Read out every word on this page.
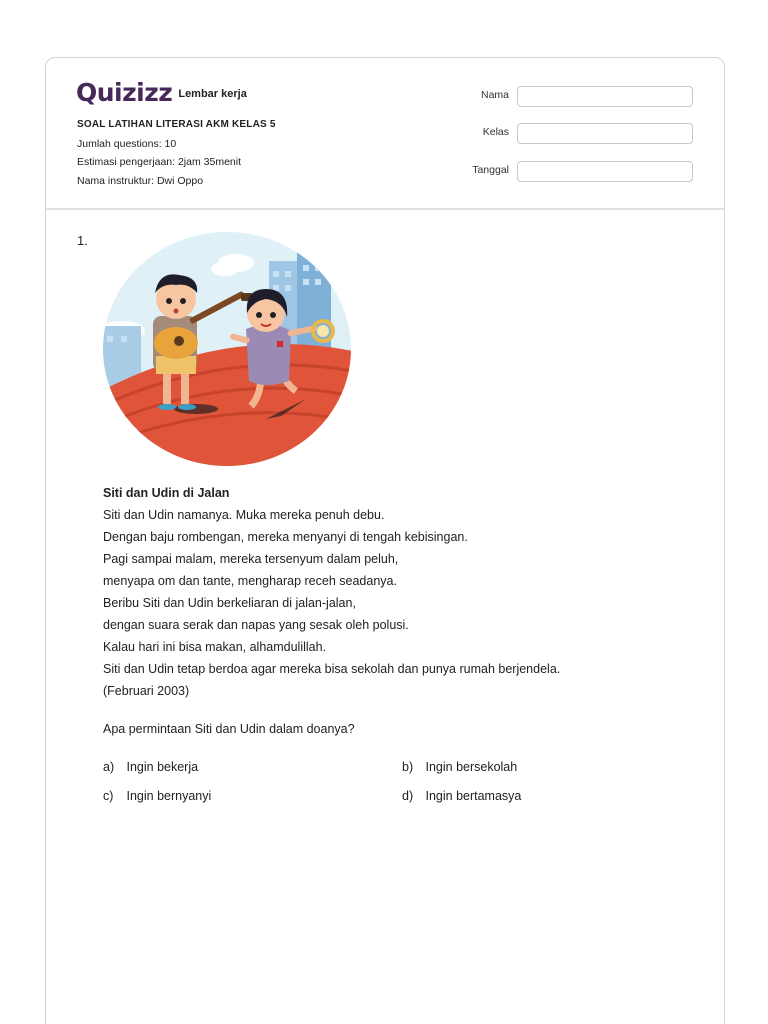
Quizizz Lembar kerja
SOAL LATIHAN LITERASI AKM KELAS 5
Jumlah questions: 10
Estimasi pengerjaan: 2jam 35menit
Nama instruktur: Dwi Oppo
Nama
Kelas
Tanggal
1.
Siti dan Udin di Jalan
Siti dan Udin namanya. Muka mereka penuh debu.
Dengan baju rombengan, mereka menyanyi di tengah kebisingan.
Pagi sampai malam, mereka tersenyum dalam peluh,
menyapa om dan tante, mengharap receh seadanya.
Beribu Siti dan Udin berkeliaran di jalan-jalan,
dengan suara serak dan napas yang sesak oleh polusi.
Kalau hari ini bisa makan, alhamdulillah.
Siti dan Udin tetap berdoa agar mereka bisa sekolah dan punya rumah berjendela.
(Februari 2003)
Apa permintaan Siti dan Udin dalam doanya?
a) Ingin bekerja	b) Ingin bersekolah
c) Ingin bernyanyi	d) Ingin bertamasya
